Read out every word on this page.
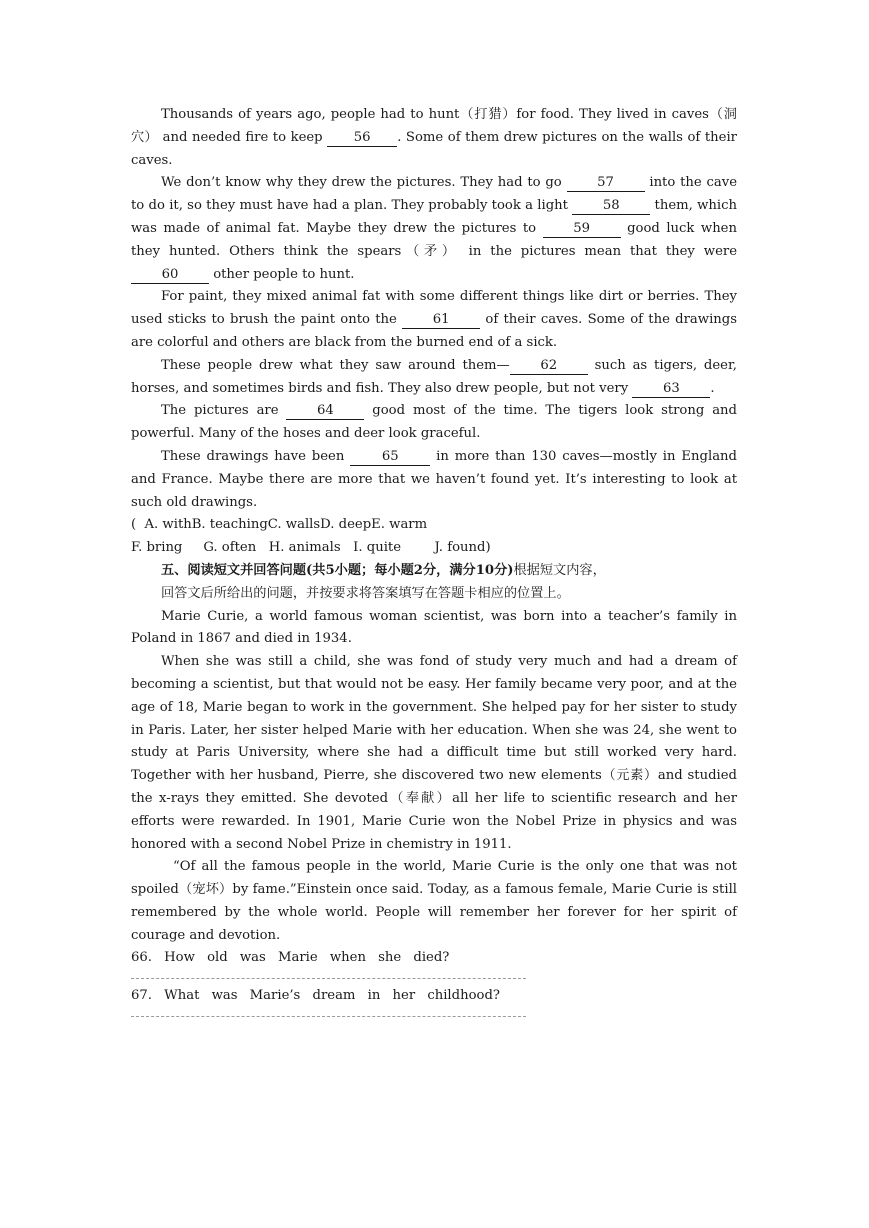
Thousands of years ago, people had to hunt（打猎）for food. They lived in caves（洞穴） and needed fire to keep 56 . Some of them drew pictures on the walls of their caves.

We don’t know why they drew the pictures. They had to go 57 into the cave to do it, so they must have had a plan. They probably took a light 58 them, which was made of animal fat. Maybe they drew the pictures to 59 good luck when they hunted. Others think the spears（矛） in the pictures mean that they were 60 other people to hunt.

For paint, they mixed animal fat with some different things like dirt or berries. They used sticks to brush the paint onto the 61 of their caves. Some of the drawings are colorful and others are black from the burned end of a sick.

These people drew what they saw around them— 62 such as tigers, deer, horses, and sometimes birds and fish. They also drew people, but not very 63 .

The pictures are 64 good most of the time. The tigers look strong and powerful. Many of the hoses and deer look graceful.

These drawings have been 65 in more than 130 caves—mostly in England and France. Maybe there are more that we haven’t found yet. It’s interesting to look at such old drawings.

(  A. withB. teachingC. wallsD. deepE. warm

F. bring     G. often   H. animals   I. quite        J. found)

五、阅读短文并回答问题(共5小题；每小题2分，满分10分)根据短文内容，

回答文后所给出的问题，并按要求将答案填写在答题卡相应的位置上。

Marie Curie, a world famous woman scientist, was born into a teacher’s family in Poland in 1867 and died in 1934.

When she was still a child, she was fond of study very much and had a dream of becoming a scientist, but that would not be easy. Her family became very poor, and at the age of 18, Marie began to work in the government. She helped pay for her sister to study in Paris. Later, her sister helped Marie with her education. When she was 24, she went to study at Paris University, where she had a difficult time but still worked very hard. Together with her husband, Pierre, she discovered two new elements（元素）and studied the x-rays they emitted. She devoted（奉献）all her life to scientific research and her efforts were rewarded. In 1901, Marie Curie won the Nobel Prize in physics and was honored with a second Nobel Prize in chemistry in 1911.

“Of all the famous people in the world, Marie Curie is the only one that was not spoiled（宠坏）by fame.”Einstein once said. Today, as a famous female, Marie Curie is still remembered by the whole world. People will remember her forever for her spirit of courage and devotion.

66. How old was Marie when she died?

67. What was Marie’s dream in her childhood?
